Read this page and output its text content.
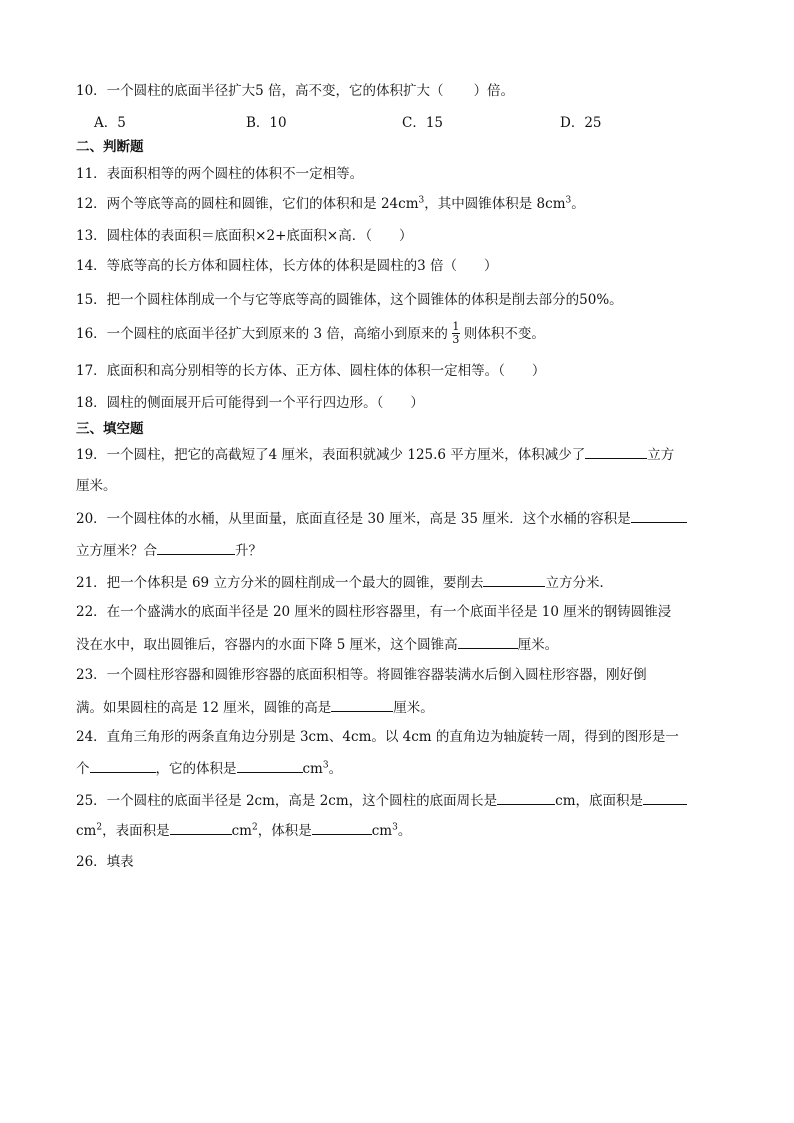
10．一个圆柱的底面半径扩大5 倍，高不变，它的体积扩大（ ）倍。
A．5	B．10	C．15	D．25
二、判断题
11．表面积相等的两个圆柱的体积不一定相等。
12．两个等底等高的圆柱和圆锥，它们的体积和是 $24cm^3$，其中圆锥体积是 $8cm^3$。
13．圆柱体的表面积＝底面积×2+底面积×高．（　　）
14．等底等高的长方体和圆柱体，长方体的体积是圆柱的3 倍（　　）
15．把一个圆柱体削成一个与它等底等高的圆锥体，这个圆锥体的体积是削去部分的50%。
16．一个圆柱的底面半径扩大到原来的 3 倍，高缩小到原来的 $\frac{1}{3}$ 则体积不变。
17．底面积和高分别相等的长方体、正方体、圆柱体的体积一定相等。（　　）
18．圆柱的侧面展开后可能得到一个平行四边形。（　　）
三、填空题
19．一个圆柱，把它的高截短了4 厘米，表面积就减少 125.6 平方厘米，体积减少了	立方
厘米。
20．一个圆柱体的水桶，从里面量，底面直径是 30 厘米，高是 35 厘米．这个水桶的容积是
立方厘米？合	升？
21．把一个体积是 69 立方分米的圆柱削成一个最大的圆锥，要削去	立方分米．
22．在一个盛满水的底面半径是 20 厘米的圆柱形容器里，有一个底面半径是 10 厘米的钢铸圆锥浸
没在水中，取出圆锥后，容器内的水面下降 5 厘米，这个圆锥高	厘米。
23．一个圆柱形容器和圆锥形容器的底面积相等。将圆锥容器装满水后倒入圆柱形容器，刚好倒
满。如果圆柱的高是 12 厘米，圆锥的高是	厘米。
24．直角三角形的两条直角边分别是 3cm、4cm。以 4cm 的直角边为轴旋转一周，得到的图形是一
个	，它的体积是	$cm^3$。
25．一个圆柱的底面半径是 2cm，高是 2cm，这个圆柱的底面周长是	cm，底面积是
$cm^2$，表面积是	$cm^2$，体积是	$cm^3$。
26．填表
